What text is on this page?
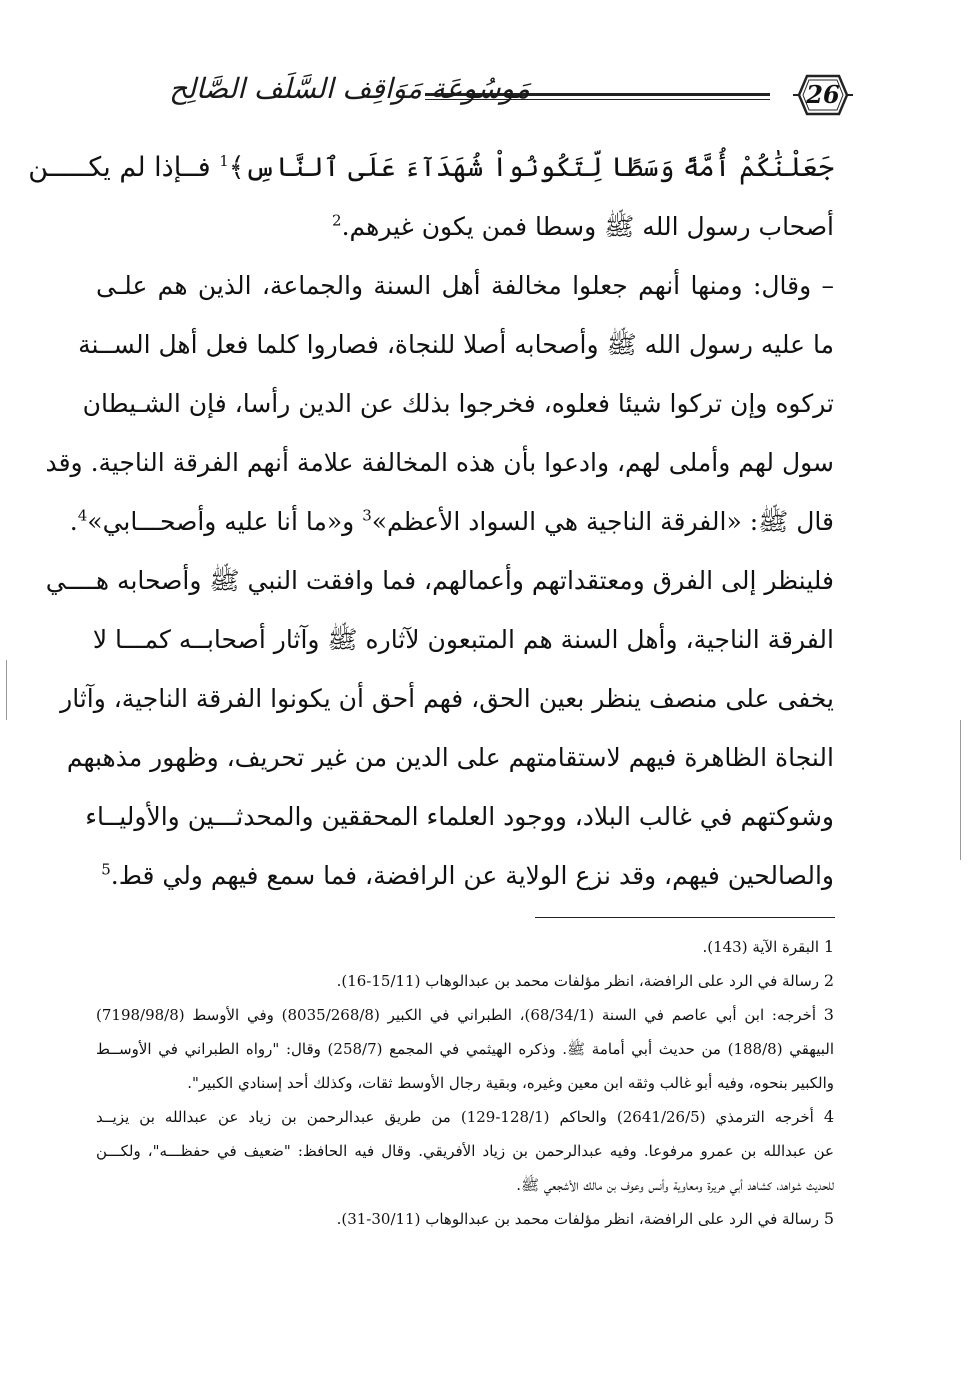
مَوسُوعَة مَوَاقِف السَّلَف الصَّالِح	26
جَعَلْنَٰكُمْ أُمَّةً وَسَطًا لِّتَكُونُواْ شُهَدَآءَ عَلَى ٱلنَّاسِ﴾$^1$ فــإذا لم يكـــــن
أصحاب رسول الله ﷺ وسطا فمن يكون غيرهم.$^2$
– وقال: ومنها أنهم جعلوا مخالفة أهل السنة والجماعة، الذين هم علـى
ما عليه رسول الله ﷺ وأصحابه أصلا للنجاة، فصاروا كلما فعل أهل الســنة
تركوه وإن تركوا شيئا فعلوه، فخرجوا بذلك عن الدين رأسا، فإن الشـيطان
سول لهم وأملى لهم، وادعوا بأن هذه المخالفة علامة أنهم الفرقة الناجية. وقد
قال ﷺ: «الفرقة الناجية هي السواد الأعظم»$^3$ و«ما أنا عليه وأصحـــابي»$^4$.
فلينظر إلى الفرق ومعتقداتهم وأعمالهم، فما وافقت النبي ﷺ وأصحابه هــــي
الفرقة الناجية، وأهل السنة هم المتبعون لآثاره ﷺ وآثار أصحابــه كمـــا لا
يخفى على منصف ينظر بعين الحق، فهم أحق أن يكونوا الفرقة الناجية، وآثار
النجاة الظاهرة فيهم لاستقامتهم على الدين من غير تحريف، وظهور مذهبهم
وشوكتهم في غالب البلاد، ووجود العلماء المحققين والمحدثـــين والأوليــاء
والصالحين فيهم، وقد نزع الولاية عن الرافضة، فما سمع فيهم ولي قط.$^5$
1 البقرة الآية (143).
2 رسالة في الرد على الرافضة، انظر مؤلفات محمد بن عبدالوهاب (15/11-16).
3 أخرجه: ابن أبي عاصم في السنة (68/34/1)، الطبراني في الكبير (8035/268/8) وفي الأوسط (7198/98/8)
البيهقي (188/8) من حديث أبي أمامة ﷺ. وذكره الهيثمي في المجمع (258/7) وقال: "رواه الطبراني في الأوســط
والكبير بنحوه، وفيه أبو غالب وثقه ابن معين وغيره، وبقية رجال الأوسط ثقات، وكذلك أحد إسنادي الكبير".
4 أخرجه الترمذي (2641/26/5) والحاكم (128/1-129) من طريق عبدالرحمن بن زياد عن عبدالله بن يزيــد
عن عبدالله بن عمرو مرفوعا. وفيه عبدالرحمن بن زياد الأفريقي. وقال فيه الحافظ: "ضعيف في حفظـــه"، ولكـــن
للحديث شواهد، كشاهد أبي هريرة ومعاوية وأنس وعوف بن مالك الأشجعي ﷺ.
5 رسالة في الرد على الرافضة، انظر مؤلفات محمد بن عبدالوهاب (30/11-31).
